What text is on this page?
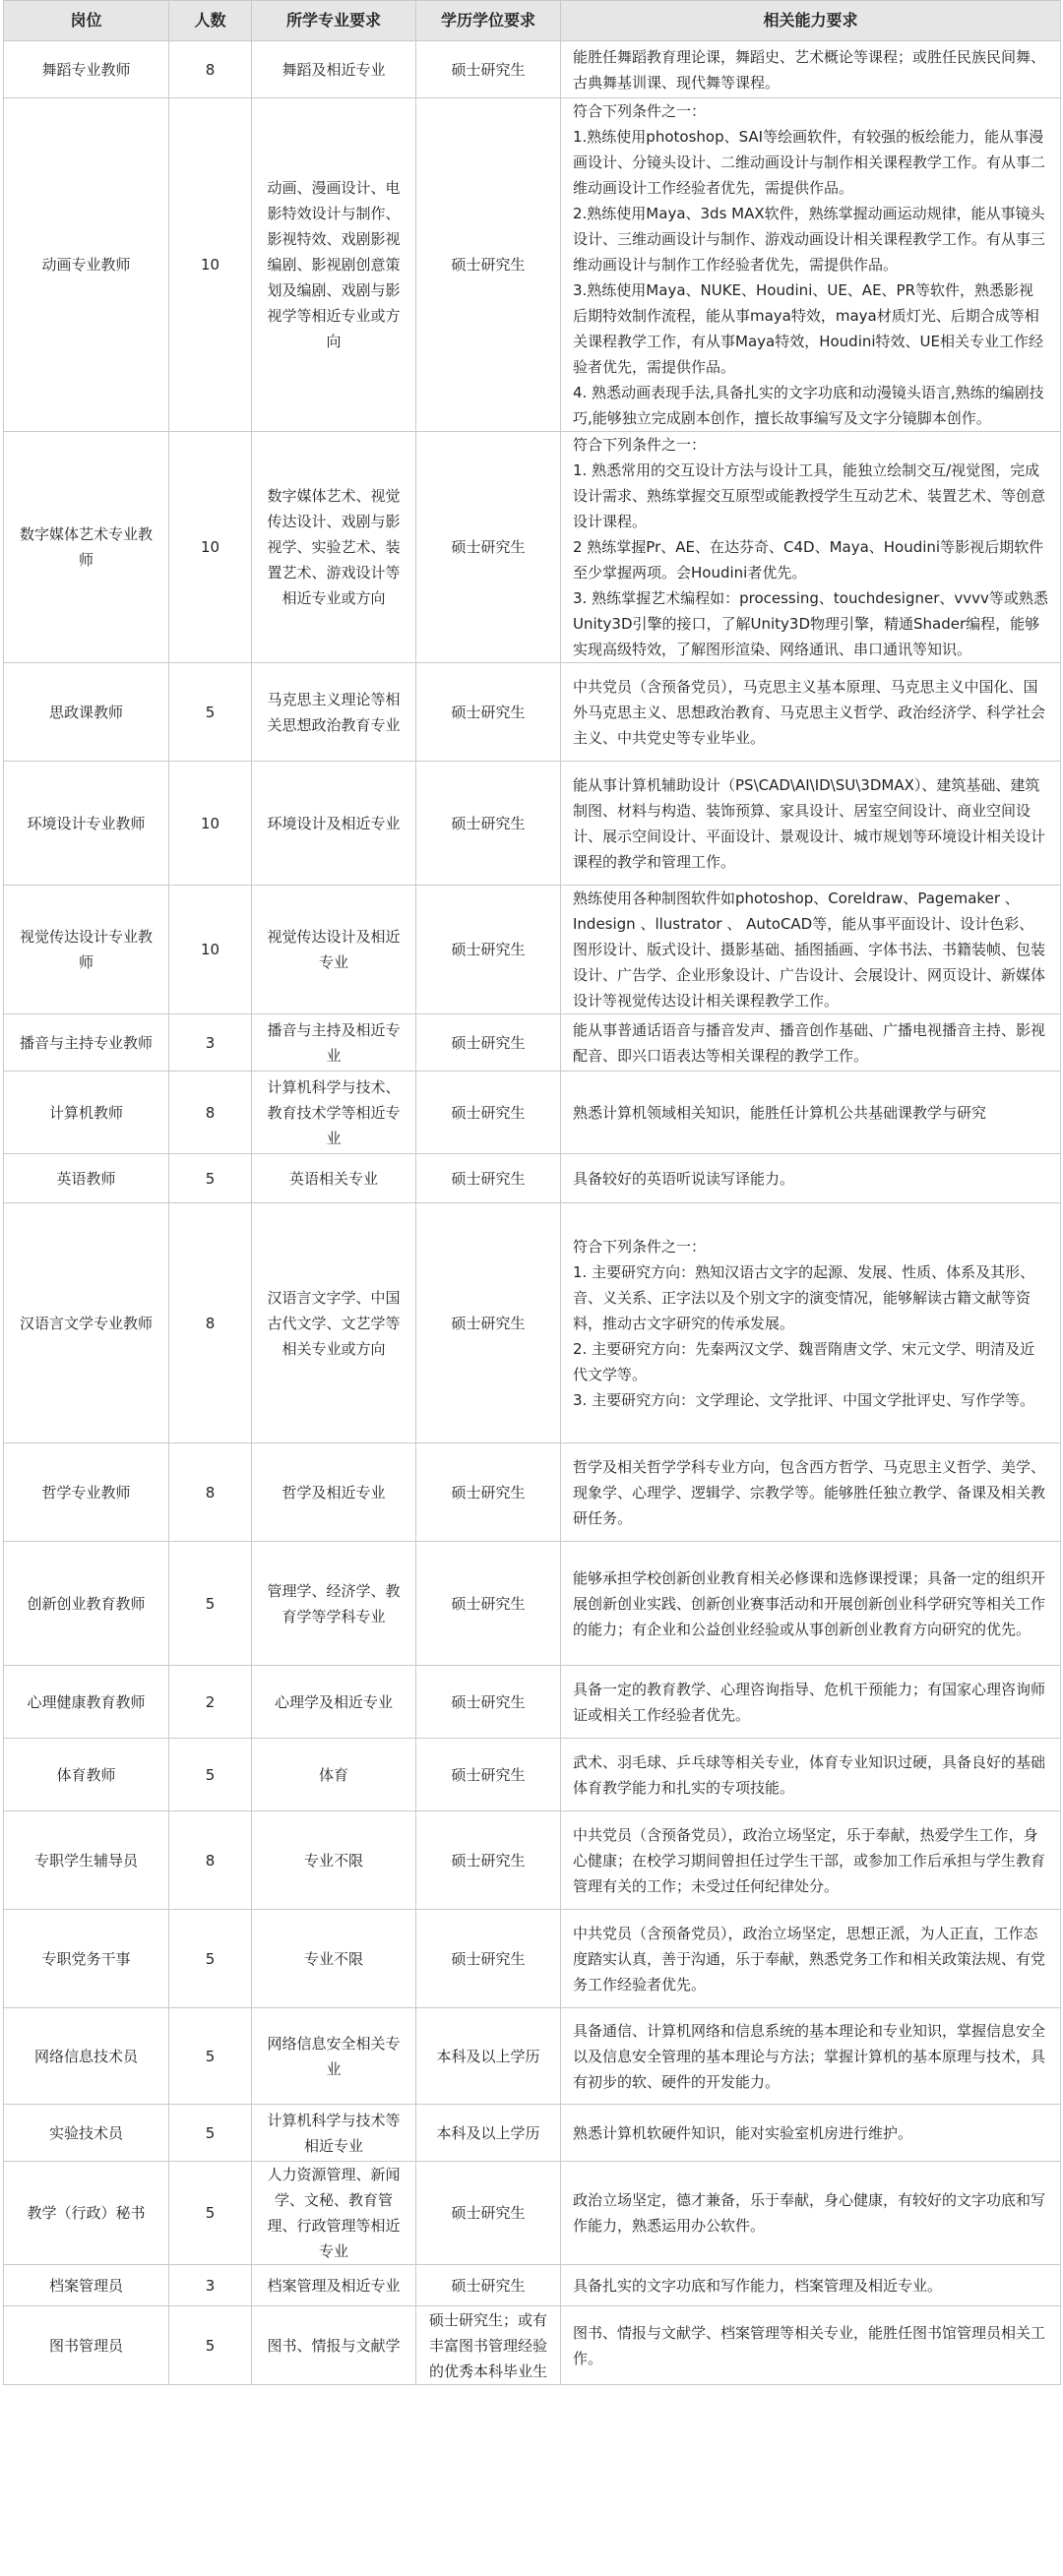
岗位	人数	所学专业要求	学历学位要求	相关能力要求
舞蹈专业教师	8	舞蹈及相近专业	硕士研究生	能胜任舞蹈教育理论课，舞蹈史、艺术概论等课程；或胜任民族民间舞、古典舞基训课、现代舞等课程。

动画专业教师	10	动画、漫画设计、电影特效设计与制作、影视特效、戏剧影视编剧、影视剧创意策划及编剧、戏剧与影视学等相近专业或方向	硕士研究生	符合下列条件之一：
1.熟练使用photoshop、SAI等绘画软件，有较强的板绘能力，能从事漫画设计、分镜头设计、二维动画设计与制作相关课程教学工作。有从事二维动画设计工作经验者优先，需提供作品。
2.熟练使用Maya、3ds MAX软件，熟练掌握动画运动规律，能从事镜头设计、三维动画设计与制作、游戏动画设计相关课程教学工作。有从事三维动画设计与制作工作经验者优先，需提供作品。
3.熟练使用Maya、NUKE、Houdini、UE、AE、PR等软件，熟悉影视后期特效制作流程，能从事maya特效，maya材质灯光、后期合成等相关课程教学工作，有从事Maya特效，Houdini特效、UE相关专业工作经验者优先，需提供作品。
4. 熟悉动画表现手法,具备扎实的文字功底和动漫镜头语言,熟练的编剧技巧,能够独立完成剧本创作，擅长故事编写及文字分镜脚本创作。

数字媒体艺术专业教师	10	数字媒体艺术、视觉传达设计、戏剧与影视学、实验艺术、装置艺术、游戏设计等相近专业或方向	硕士研究生	符合下列条件之一：
1. 熟悉常用的交互设计方法与设计工具，能独立绘制交互/视觉图，完成设计需求、熟练掌握交互原型或能教授学生互动艺术、装置艺术、等创意设计课程。
2 熟练掌握Pr、AE、在达芬奇、C4D、Maya、Houdini等影视后期软件至少掌握两项。会Houdini者优先。
3. 熟练掌握艺术编程如：processing、touchdesigner、vvvv等或熟悉Unity3D引擎的接口，了解Unity3D物理引擎，精通Shader编程，能够实现高级特效，了解图形渲染、网络通讯、串口通讯等知识。

思政课教师	5	马克思主义理论等相关思想政治教育专业	硕士研究生	中共党员（含预备党员），马克思主义基本原理、马克思主义中国化、国外马克思主义、思想政治教育、马克思主义哲学、政治经济学、科学社会主义、中共党史等专业毕业。

环境设计专业教师	10	环境设计及相近专业	硕士研究生	能从事计算机辅助设计（PS\CAD\AI\ID\SU\3DMAX）、建筑基础、建筑制图、材料与构造、装饰预算、家具设计、居室空间设计、商业空间设计、展示空间设计、平面设计、景观设计、城市规划等环境设计相关设计课程的教学和管理工作。

视觉传达设计专业教师	10	视觉传达设计及相近专业	硕士研究生	熟练使用各种制图软件如photoshop、Coreldraw、Pagemaker 、Indesign 、llustrator 、 AutoCAD等，能从事平面设计、设计色彩、图形设计、版式设计、摄影基础、插图插画、字体书法、书籍装帧、包装设计、广告学、企业形象设计、广告设计、会展设计、网页设计、新媒体设计等视觉传达设计相关课程教学工作。

播音与主持专业教师	3	播音与主持及相近专业	硕士研究生	能从事普通话语音与播音发声、播音创作基础、广播电视播音主持、影视配音、即兴口语表达等相关课程的教学工作。

计算机教师	8	计算机科学与技术、教育技术学等相近专业	硕士研究生	熟悉计算机领域相关知识，能胜任计算机公共基础课教学与研究

英语教师	5	英语相关专业	硕士研究生	具备较好的英语听说读写译能力。

汉语言文学专业教师	8	汉语言文字学、中国古代文学、文艺学等相关专业或方向	硕士研究生	符合下列条件之一：
1. 主要研究方向：熟知汉语古文字的起源、发展、性质、体系及其形、音、义关系、正字法以及个别文字的演变情况，能够解读古籍文献等资料，推动古文字研究的传承发展。
2. 主要研究方向：先秦两汉文学、魏晋隋唐文学、宋元文学、明清及近代文学等。
3. 主要研究方向：文学理论、文学批评、中国文学批评史、写作学等。

哲学专业教师	8	哲学及相近专业	硕士研究生	哲学及相关哲学学科专业方向，包含西方哲学、马克思主义哲学、美学、现象学、心理学、逻辑学、宗教学等。能够胜任独立教学、备课及相关教研任务。

创新创业教育教师	5	管理学、经济学、教育学等学科专业	硕士研究生	能够承担学校创新创业教育相关必修课和选修课授课；具备一定的组织开展创新创业实践、创新创业赛事活动和开展创新创业科学研究等相关工作的能力；有企业和公益创业经验或从事创新创业教育方向研究的优先。

心理健康教育教师	2	心理学及相近专业	硕士研究生	具备一定的教育教学、心理咨询指导、危机干预能力；有国家心理咨询师证或相关工作经验者优先。

体育教师	5	体育	硕士研究生	武术、羽毛球、乒乓球等相关专业，体育专业知识过硬，具备良好的基础体育教学能力和扎实的专项技能。

专职学生辅导员	8	专业不限	硕士研究生	中共党员（含预备党员），政治立场坚定，乐于奉献，热爱学生工作，身心健康；在校学习期间曾担任过学生干部，或参加工作后承担与学生教育管理有关的工作；未受过任何纪律处分。

专职党务干事	5	专业不限	硕士研究生	中共党员（含预备党员），政治立场坚定，思想正派，为人正直，工作态度踏实认真，善于沟通，乐于奉献，熟悉党务工作和相关政策法规、有党务工作经验者优先。

网络信息技术员	5	网络信息安全相关专业	本科及以上学历	具备通信、计算机网络和信息系统的基本理论和专业知识，掌握信息安全以及信息安全管理的基本理论与方法；掌握计算机的基本原理与技术，具有初步的软、硬件的开发能力。

实验技术员	5	计算机科学与技术等相近专业	本科及以上学历	熟悉计算机软硬件知识，能对实验室机房进行维护。

教学（行政）秘书	5	人力资源管理、新闻学、文秘、教育管理、行政管理等相近专业	硕士研究生	政治立场坚定，德才兼备，乐于奉献，身心健康，有较好的文字功底和写作能力，熟悉运用办公软件。

档案管理员	3	档案管理及相近专业	硕士研究生	具备扎实的文字功底和写作能力，档案管理及相近专业。

图书管理员	5	图书、情报与文献学	硕士研究生；或有丰富图书管理经验的优秀本科毕业生	图书、情报与文献学、档案管理等相关专业，能胜任图书馆管理员相关工作。
